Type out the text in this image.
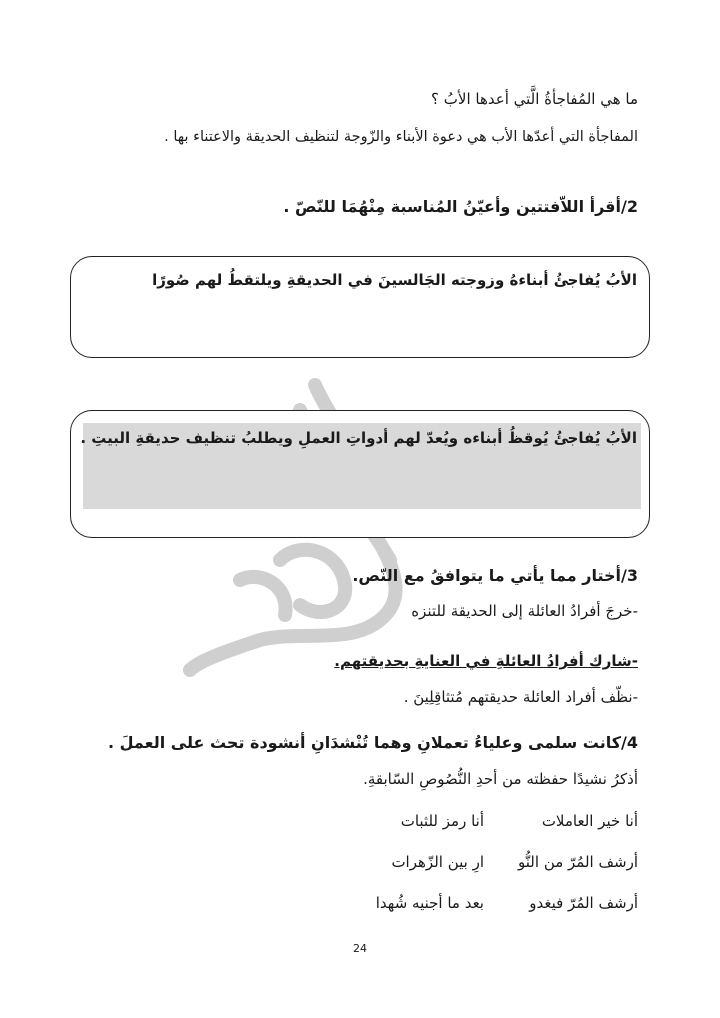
ما هي المُفاجأةُ الَّتي أعدها الأبُ ؟
المفاجأة التي أعدّها الأب هي دعوة الأبناء والزّوجة لتنظيف الحديقة والاعتناء بها .
2/أقرأ اللاّفتتين وأعيّنُ المُناسبة مِنْهُمَا للنّصّ .
الأبُ يُفاجئُ أبناءهُ وزوجته الجَالسينَ في الحديقةِ ويلتقطُ لهم صُورًا
الأبُ يُفاجئُ يُوقظُ أبناءه ويُعدّ لهم أدواتِ العملِ ويطلبُ تنظيف حديقةِ البيتِ .
3/أختار مما يأتي ما يتوافقُ مع النّص.
-خرجَ أفرادُ العائلة إلى الحديقة للتنزه
-شارك أفرادُ العائلةِ في العنايةِ بحديقتهم.
-نظّف أفراد العائلة حديقتهم مُتثاقِلِينَ .
4/كانت سلمى وعلياءُ تعملانِ وهما تُنْشدَانِ أنشودة تحث على العملَ .
أذكرُ نشيدًا حفظته من أحدِ النُّصُوصِ السّابقةِ.
أنا خير العاملات
أنا رمز للثبات
أرشف المُرّ من النُّو
ارِ بين الزّهرات
أرشف المُرّ فيغدو
بعد ما أجنيه شُهدا
24
